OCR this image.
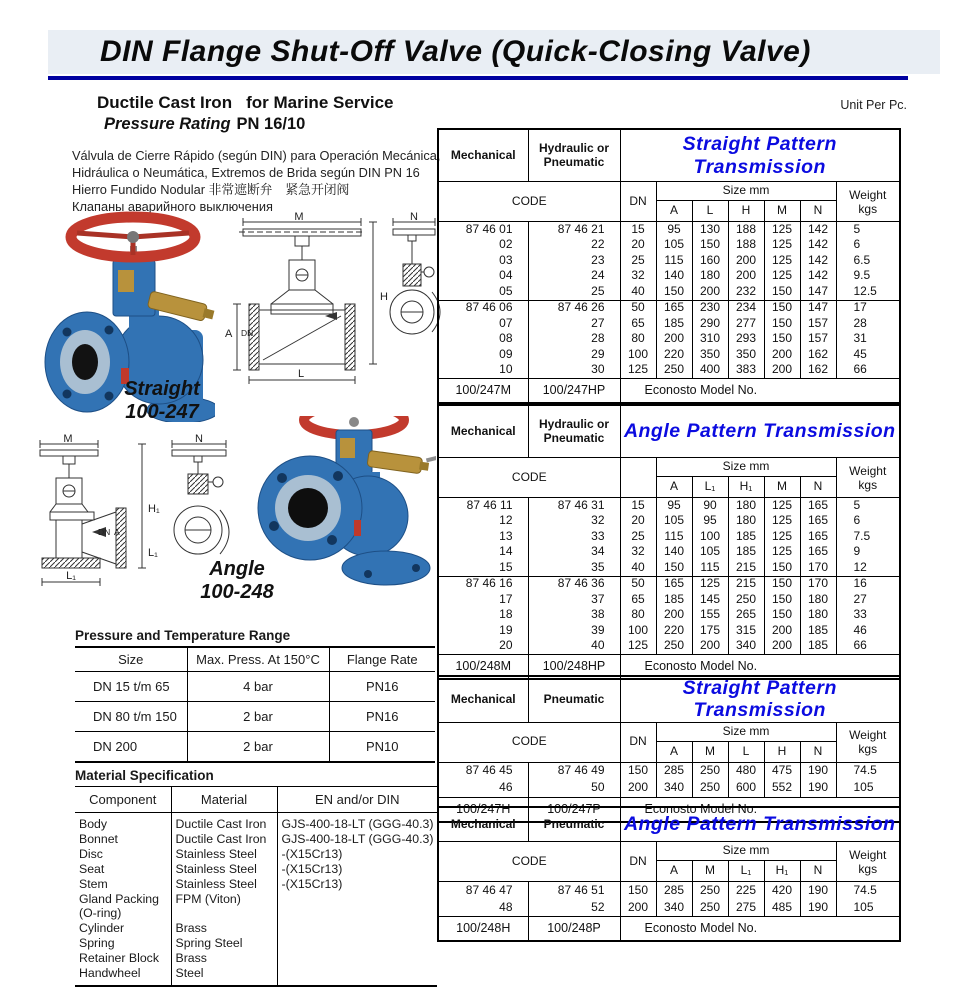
DIN Flange Shut-Off Valve (Quick-Closing Valve)
Unit Per Pc.
Ductile Cast Iron for Marine Service
Pressure Rating PN 16/10
Válvula de Cierre Rápido (según DIN) para Operación Mecánica,
Hidráulica o Neumática, Extremos de Brida según DIN PN 16
Hierro Fundido Nodular 非常遮断弁　紧急开闭阀
Клапаны аварийного выключения
M
A DN
H
L
N
Straight
100-247
M
DN A
H₁
L₁
L₁
N
Angle
100-248
Pressure and Temperature Range
Size	Max. Press. At 150°C	Flange Rate
DN 15 t/m 65	4 bar	PN16
DN 80 t/m 150	2 bar	PN16
DN 200	2 bar	PN10
Material Specification
Component	Material	EN and/or DIN
Body	Ductile Cast Iron	GJS-400-18-LT (GGG-40.3)
Bonnet	Ductile Cast Iron	GJS-400-18-LT (GGG-40.3)
Disc	Stainless Steel	-(X15Cr13)
Seat	Stainless Steel	-(X15Cr13)
Stem	Stainless Steel	-(X15Cr13)
Gland Packing (O-ring)	FPM (Viton)	
Cylinder	Brass	
Spring	Spring Steel	
Retainer Block	Brass	
Handwheel	Steel	
Mechanical	Hydraulic or Pneumatic	Straight Pattern Transmission						
CODE		DN	Size mm					Weight
kgs

			A	L	H	M	N	
87 46 01	87 46 21	15	95	130	188	125	142	5
02	22	20	105	150	188	125	142	6
03	23	25	115	160	200	125	142	6.5
04	24	32	140	180	200	125	142	9.5
05	25	40	150	200	232	150	147	12.5
87 46 06	87 46 26	50	165	230	234	150	147	17
07	27	65	185	290	277	150	157	28
08	28	80	200	310	293	150	157	31
09	29	100	220	350	350	200	162	45
10	30	125	250	400	383	200	162	66
100/247M	100/247HP	Econosto Model No.						
Mechanical	Hydraulic or Pneumatic	Angle Pattern Transmission						
CODE			Size mm					Weight
kgs

			A	L₁	H₁	M	N	
87 46 11	87 46 31	15	95	90	180	125	165	5
12	32	20	105	95	180	125	165	6
13	33	25	115	100	185	125	165	7.5
14	34	32	140	105	185	125	165	9
15	35	40	150	115	215	150	170	12
87 46 16	87 46 36	50	165	125	215	150	170	16
17	37	65	185	145	250	150	180	27
18	38	80	200	155	265	150	180	33
19	39	100	220	175	315	200	185	46
20	40	125	250	200	340	200	185	66
100/248M	100/248HP	Econosto Model No.						
Mechanical	Pneumatic	Straight Pattern Transmission						
CODE		DN	Size mm					Weight
kgs

			A	M	L	H	N	
87 46 45	87 46 49	150	285	250	480	475	190	74.5
46	50	200	340	250	600	552	190	105
100/247H	100/247P	Econosto Model No.						
Mechanical	Pneumatic	Angle Pattern Transmission						
CODE		DN	Size mm					Weight
kgs

			A	M	L₁	H₁	N	
87 46 47	87 46 51	150	285	250	225	420	190	74.5
48	52	200	340	250	275	485	190	105
100/248H	100/248P	Econosto Model No.						
